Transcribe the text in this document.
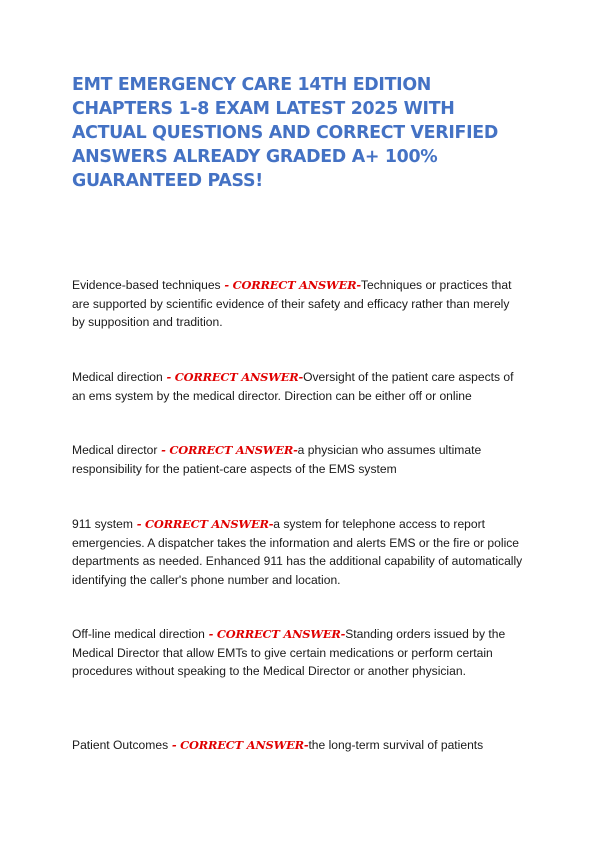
EMT EMERGENCY CARE 14TH EDITION CHAPTERS 1-8 EXAM LATEST 2025 WITH ACTUAL QUESTIONS AND CORRECT VERIFIED ANSWERS ALREADY GRADED A+ 100% GUARANTEED PASS!

Evidence-based techniques - CORRECT ANSWER-Techniques or practices that are supported by scientific evidence of their safety and efficacy rather than merely by supposition and tradition.

Medical direction - CORRECT ANSWER-Oversight of the patient care aspects of an ems system by the medical director. Direction can be either off or online

Medical director - CORRECT ANSWER-a physician who assumes ultimate responsibility for the patient-care aspects of the EMS system

911 system - CORRECT ANSWER-a system for telephone access to report emergencies. A dispatcher takes the information and alerts EMS or the fire or police departments as needed. Enhanced 911 has the additional capability of automatically identifying the caller's phone number and location.

Off-line medical direction - CORRECT ANSWER-Standing orders issued by the Medical Director that allow EMTs to give certain medications or perform certain procedures without speaking to the Medical Director or another physician.

Patient Outcomes - CORRECT ANSWER-the long-term survival of patients
